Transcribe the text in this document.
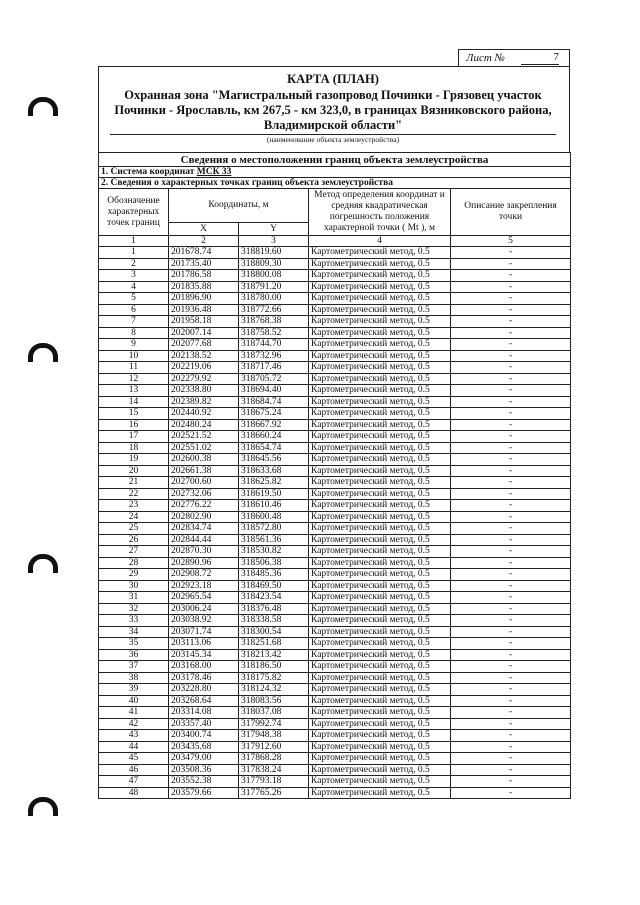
Лист №	7
КАРТА (ПЛАН)
Охранная зона "Магистральный газопровод Починки - Грязовец участок
Починки - Ярославль, км 267,5 - км 323,0, в границах Вязниковского района,
Владимирской области"
(наименование объекта землеустройства)
Сведения о местоположении границ объекта землеустройства				
1. Система координат МСК 33				
2. Сведения о характерных точках границ объекта землеустройства				
Обозначение характерных точек границ	Координаты, м		Метод определения координат и средняя квадратическая погрешность положения характерной точки ( Mt ), м	Описание закрепления точки
	X	Y		
1	2	3	4	5
1	201678.74	318819.60	Картометрический метод, 0.5	-
2	201735.40	318809.30	Картометрический метод, 0.5	-
3	201786.58	318800.08	Картометрический метод, 0.5	-
4	201835.88	318791.20	Картометрический метод, 0.5	-
5	201896.90	318780.00	Картометрический метод, 0.5	-
6	201936.48	318772.66	Картометрический метод, 0.5	-
7	201958.18	318768.38	Картометрический метод, 0.5	-
8	202007.14	318758.52	Картометрический метод, 0.5	-
9	202077.68	318744.70	Картометрический метод, 0.5	-
10	202138.52	318732.96	Картометрический метод, 0.5	-
11	202219.06	318717.46	Картометрический метод, 0.5	-
12	202279.92	318705.72	Картометрический метод, 0.5	-
13	202338.80	318694.40	Картометрический метод, 0.5	-
14	202389.82	318684.74	Картометрический метод, 0.5	-
15	202440.92	318675.24	Картометрический метод, 0.5	-
16	202480.24	318667.92	Картометрический метод, 0.5	-
17	202521.52	318660.24	Картометрический метод, 0.5	-
18	202551.02	318654.74	Картометрический метод, 0.5	-
19	202600.38	318645.56	Картометрический метод, 0.5	-
20	202661.38	318633.68	Картометрический метод, 0.5	-
21	202700.60	318625.82	Картометрический метод, 0.5	-
22	202732.06	318619.50	Картометрический метод, 0.5	-
23	202776.22	318610.46	Картометрический метод, 0.5	-
24	202802.90	318600.48	Картометрический метод, 0.5	-
25	202834.74	318572.80	Картометрический метод, 0.5	-
26	202844.44	318561.36	Картометрический метод, 0.5	-
27	202870.30	318530.82	Картометрический метод, 0.5	-
28	202890.96	318506.38	Картометрический метод, 0.5	-
29	202908.72	318485.36	Картометрический метод, 0.5	-
30	202923.18	318469.50	Картометрический метод, 0.5	-
31	202965.54	318423.54	Картометрический метод, 0.5	-
32	203006.24	318376.48	Картометрический метод, 0.5	-
33	203038.92	318338.58	Картометрический метод, 0.5	-
34	203071.74	318300.54	Картометрический метод, 0.5	-
35	203113.06	318251.68	Картометрический метод, 0.5	-
36	203145.34	318213.42	Картометрический метод, 0.5	-
37	203168.00	318186.50	Картометрический метод, 0.5	-
38	203178.46	318175.82	Картометрический метод, 0.5	-
39	203228.80	318124.32	Картометрический метод, 0.5	-
40	203268.64	318083.56	Картометрический метод, 0.5	-
41	203314.08	318037.08	Картометрический метод, 0.5	-
42	203357.40	317992.74	Картометрический метод, 0.5	-
43	203400.74	317948.38	Картометрический метод, 0.5	-
44	203435.68	317912.60	Картометрический метод, 0.5	-
45	203479.00	317868.28	Картометрический метод, 0.5	-
46	203508.36	317838.24	Картометрический метод, 0.5	-
47	203552.38	317793.18	Картометрический метод, 0.5	-
48	203579.66	317765.26	Картометрический метод, 0.5	-
